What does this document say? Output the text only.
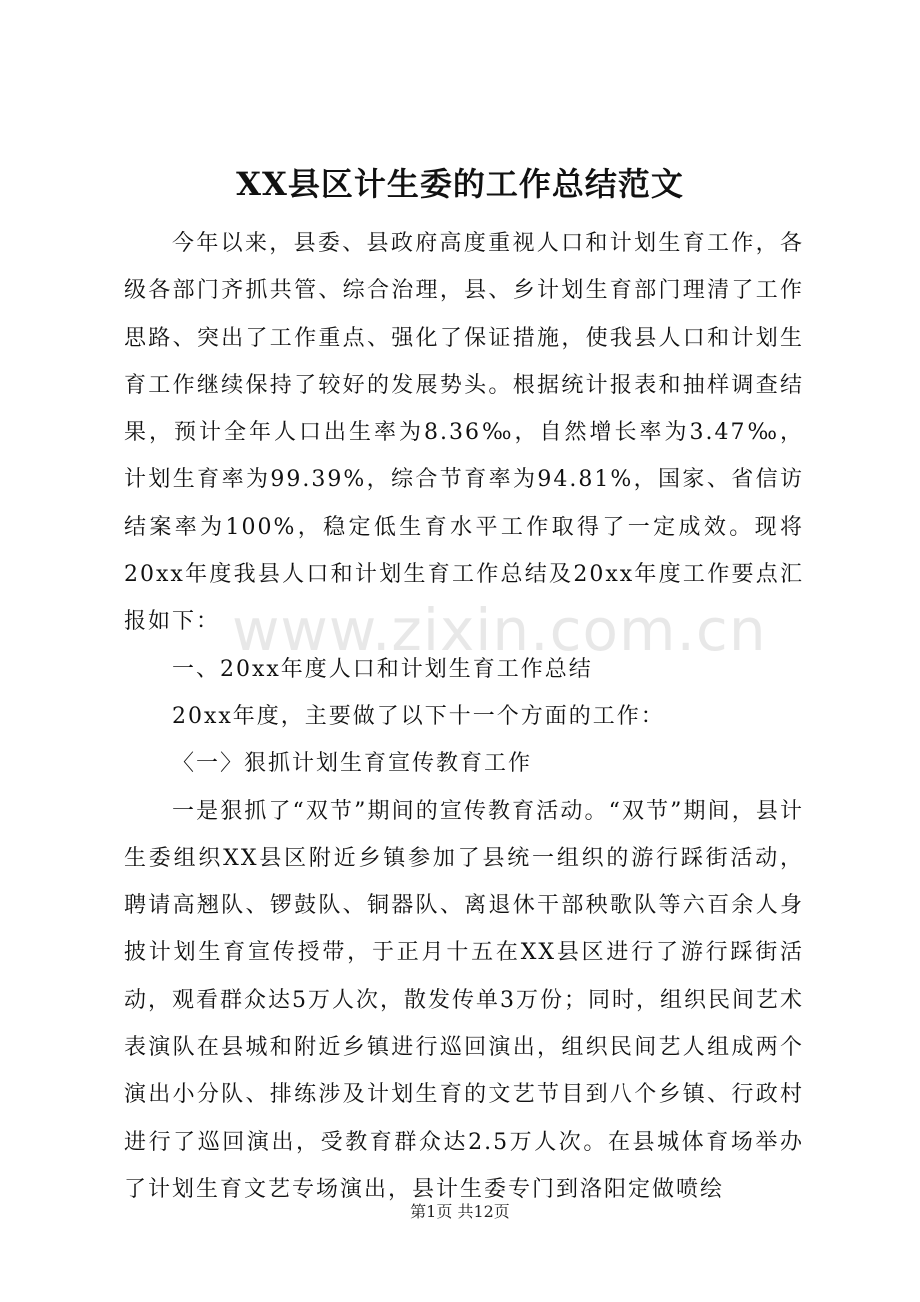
XX县区计生委的工作总结范文

今年以来，县委、县政府高度重视人口和计划生育工作，各级各部门齐抓共管、综合治理，县、乡计划生育部门理清了工作思路、突出了工作重点、强化了保证措施，使我县人口和计划生育工作继续保持了较好的发展势头。根据统计报表和抽样调查结果，预计全年人口出生率为8.36‰，自然增长率为3.47‰，计划生育率为99.39%，综合节育率为94.81%，国家、省信访结案率为100%，稳定低生育水平工作取得了一定成效。现将20xx年度我县人口和计划生育工作总结及20xx年度工作要点汇报如下：

一、20xx年度人口和计划生育工作总结

20xx年度，主要做了以下十一个方面的工作：

〈一〉狠抓计划生育宣传教育工作

一是狠抓了“双节”期间的宣传教育活动。“双节”期间，县计生委组织XX县区附近乡镇参加了县统一组织的游行踩街活动，聘请高翘队、锣鼓队、铜器队、离退休干部秧歌队等六百余人身披计划生育宣传授带，于正月十五在XX县区进行了游行踩街活动，观看群众达5万人次，散发传单3万份；同时，组织民间艺术表演队在县城和附近乡镇进行巡回演出，组织民间艺人组成两个演出小分队、排练涉及计划生育的文艺节目到八个乡镇、行政村进行了巡回演出，受教育群众达2.5万人次。在县城体育场举办了计划生育文艺专场演出，县计生委专门到洛阳定做喷绘

www.zixin.com.cn
第1页 共12页
